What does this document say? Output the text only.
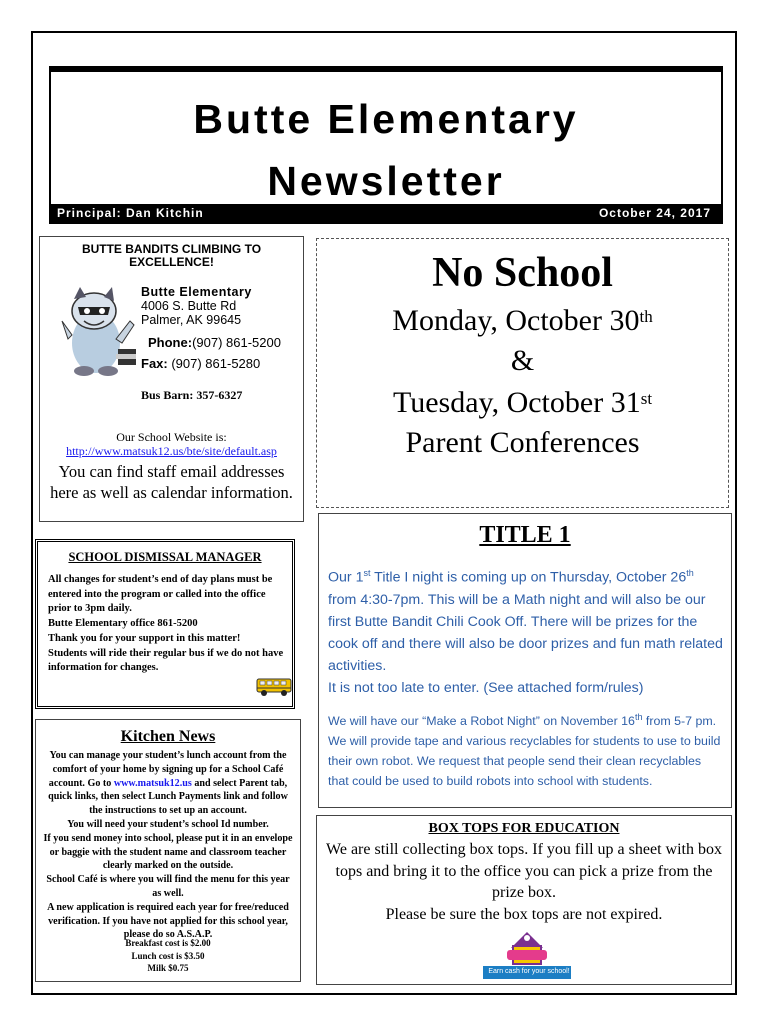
Butte Elementary
Newsletter
Principal: Dan Kitchin	October 24, 2017
BUTTE BANDITS CLIMBING TO EXCELLENCE!
Butte Elementary
4006 S. Butte Rd
Palmer, AK 99645
Phone:(907) 861-5200
Fax: (907) 861-5280
Bus Barn: 357-6327
Our School Website is:
http://www.matsuk12.us/bte/site/default.asp
You can find staff email addresses here as well as calendar information.
No School
Monday, October 30th
&
Tuesday, October 31st
Parent Conferences
SCHOOL DISMISSAL MANAGER
All changes for student’s end of day plans must be entered into the program or called into the office prior to 3pm daily.
Butte Elementary office 861-5200
Thank you for your support in this matter!
Students will ride their regular bus if we do not have information for changes.
TITLE 1
Our 1st Title I night is coming up on Thursday, October 26th from 4:30-7pm. This will be a Math night and will also be our first Butte Bandit Chili Cook Off. There will be prizes for the cook off and there will also be door prizes and fun math related activities.
It is not too late to enter. (See attached form/rules)
We will have our “Make a Robot Night” on November 16th from 5-7 pm. We will provide tape and various recyclables for students to use to build their own robot. We request that people send their clean recyclables that could be used to build robots into school with students.
Kitchen News
You can manage your student’s lunch account from the comfort of your home by signing up for a School Café account. Go to www.matsuk12.us and select Parent tab, quick links, then select Lunch Payments link and follow the instructions to set up an account.
You will need your student’s school Id number.
If you send money into school, please put it in an envelope or baggie with the student name and classroom teacher clearly marked on the outside.
School Café is where you will find the menu for this year as well.
A new application is required each year for free/reduced verification. If you have not applied for this school year, please do so A.S.A.P.
Breakfast cost is $2.00
Lunch cost is $3.50
Milk $0.75
BOX TOPS FOR EDUCATION
We are still collecting box tops. If you fill up a sheet with box tops and bring it to the office you can pick a prize from the prize box.
Please be sure the box tops are not expired.
Earn cash for your school!
